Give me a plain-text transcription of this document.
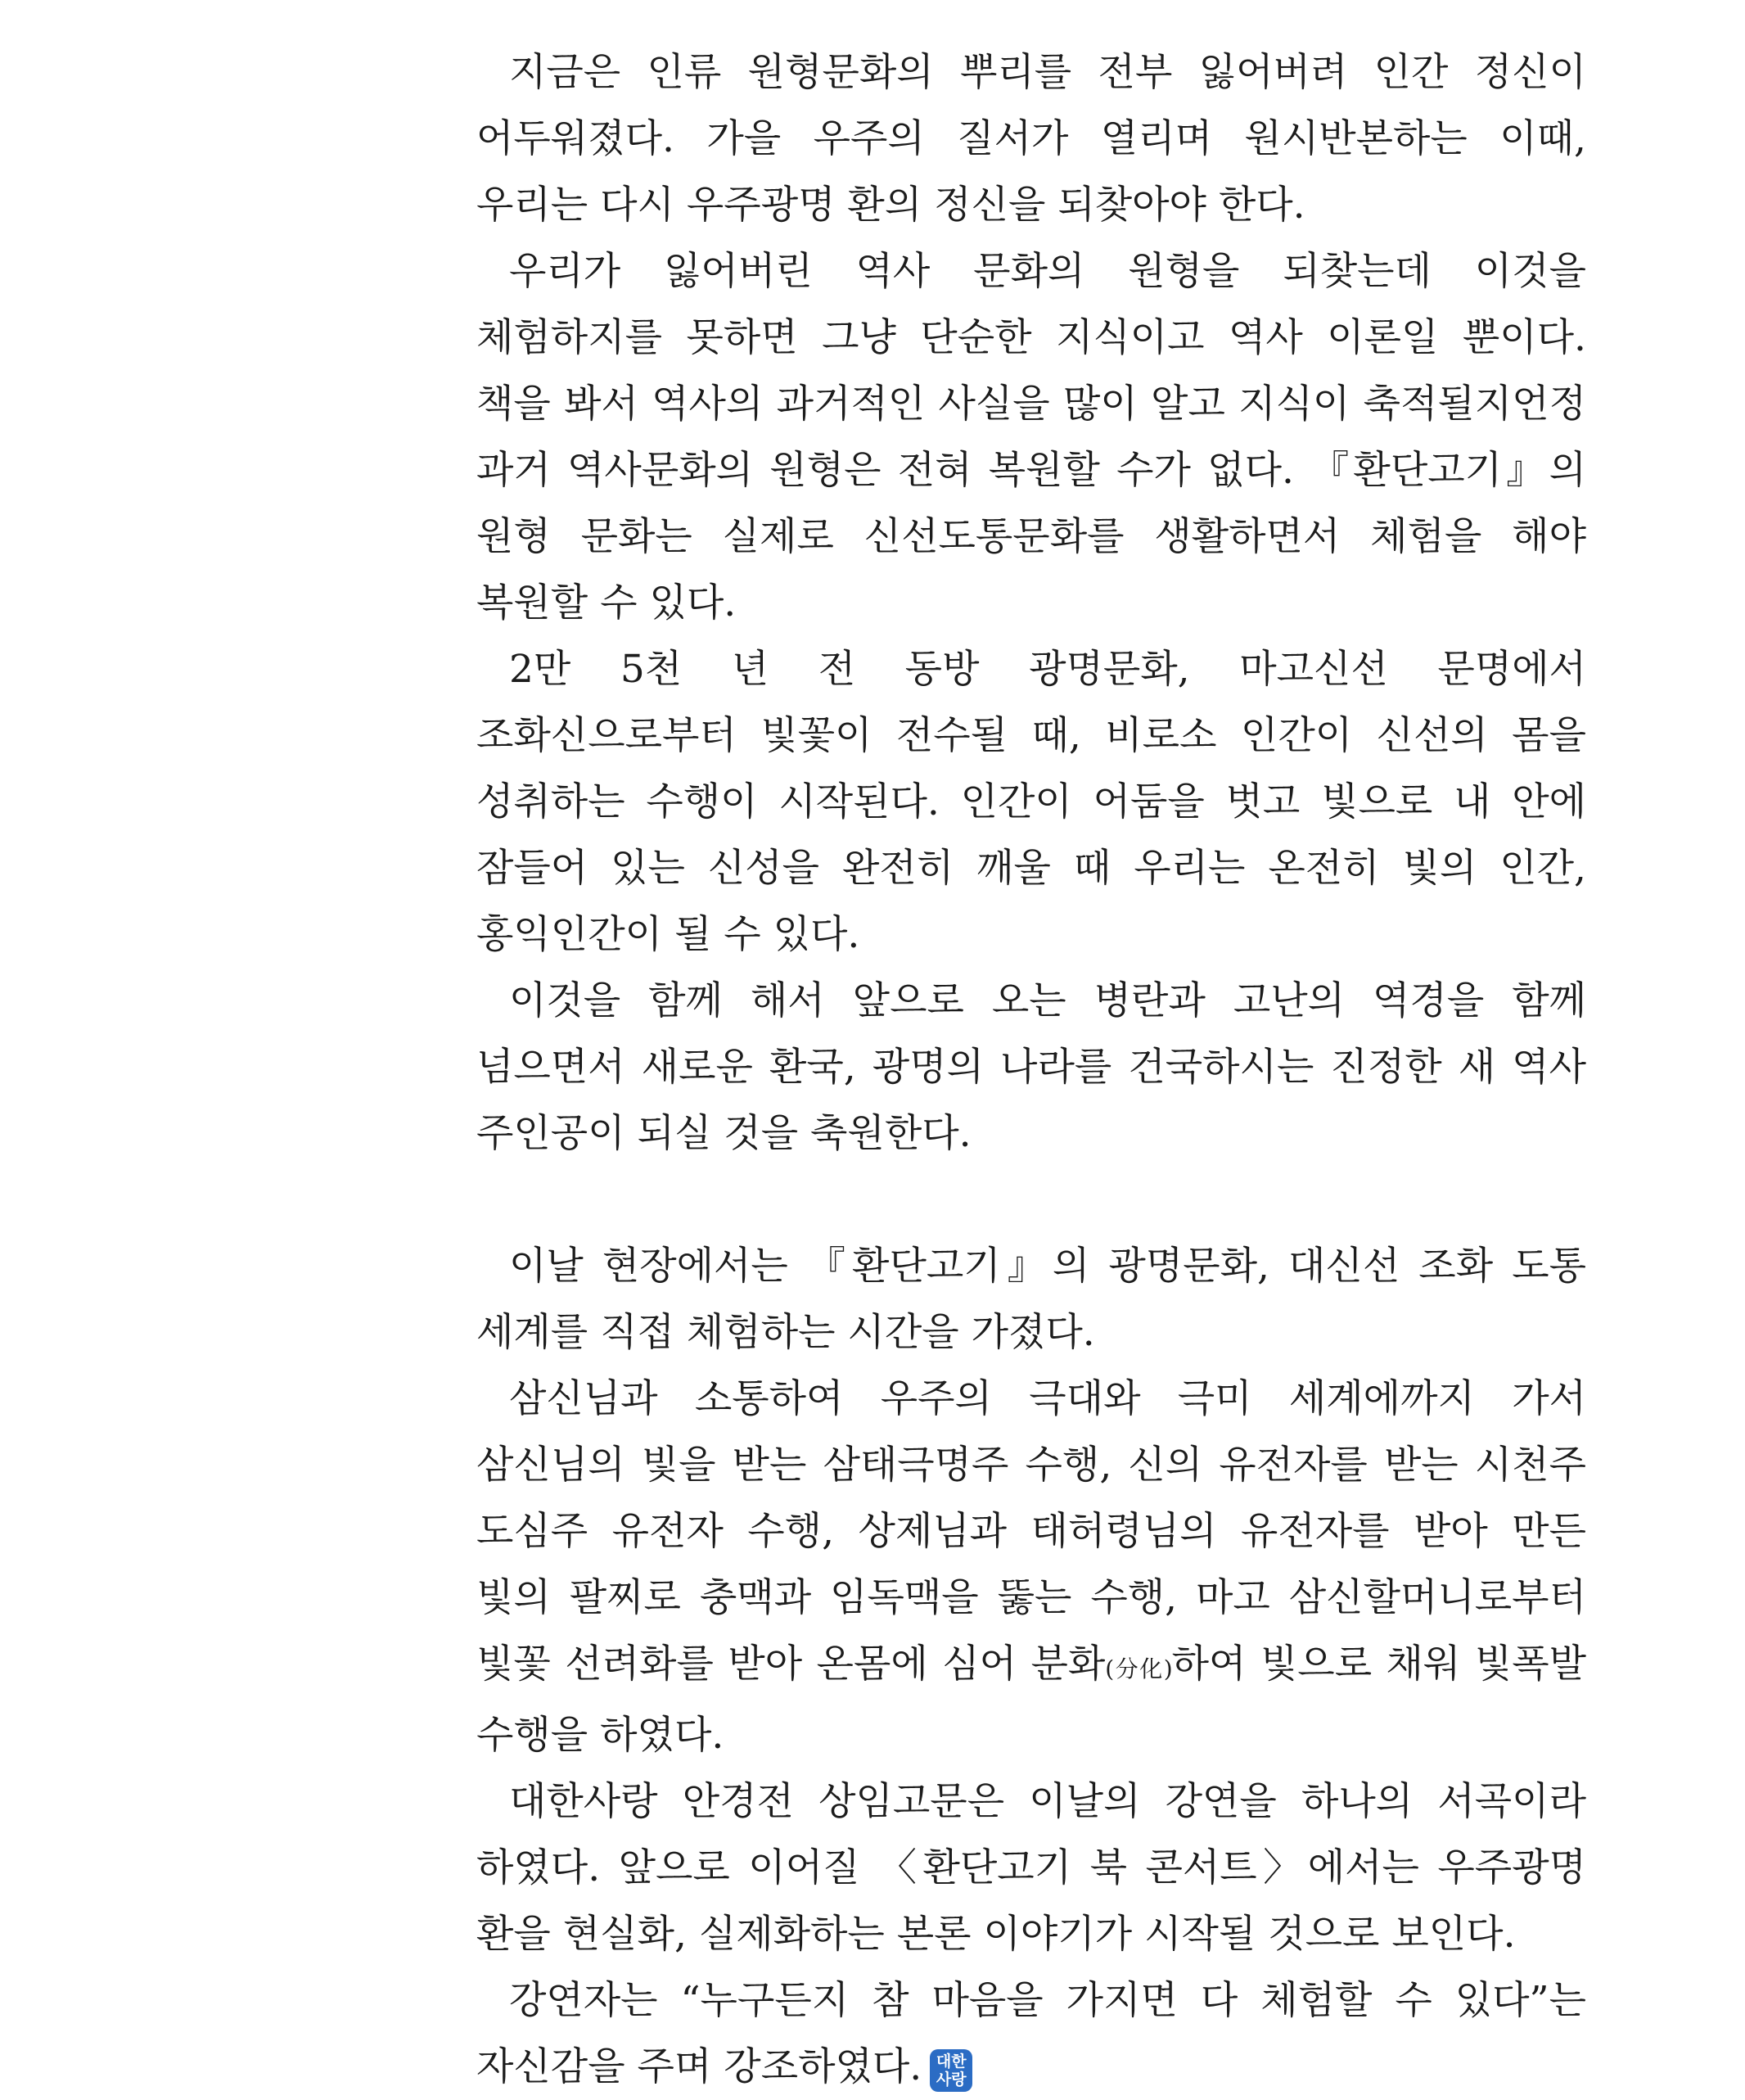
지금은 인류 원형문화의 뿌리를 전부 잃어버려 인간 정신이 어두워졌다. 가을 우주의 질서가 열리며 원시반본하는 이때, 우리는 다시 우주광명 환의 정신을 되찾아야 한다.

우리가 잃어버린 역사 문화의 원형을 되찾는데 이것을 체험하지를 못하면 그냥 단순한 지식이고 역사 이론일 뿐이다. 책을 봐서 역사의 과거적인 사실을 많이 알고 지식이 축적될지언정 과거 역사문화의 원형은 전혀 복원할 수가 없다. 『환단고기』의 원형 문화는 실제로 신선도통문화를 생활하면서 체험을 해야 복원할 수 있다.

2만 5천 년 전 동방 광명문화, 마고신선 문명에서 조화신으로부터 빛꽃이 전수될 때, 비로소 인간이 신선의 몸을 성취하는 수행이 시작된다. 인간이 어둠을 벗고 빛으로 내 안에 잠들어 있는 신성을 완전히 깨울 때 우리는 온전히 빛의 인간, 홍익인간이 될 수 있다.

이것을 함께 해서 앞으로 오는 병란과 고난의 역경을 함께 넘으면서 새로운 환국, 광명의 나라를 건국하시는 진정한 새 역사 주인공이 되실 것을 축원한다.

이날 현장에서는 『환단고기』의 광명문화, 대신선 조화 도통 세계를 직접 체험하는 시간을 가졌다.

삼신님과 소통하여 우주의 극대와 극미 세계에까지 가서 삼신님의 빛을 받는 삼태극명주 수행, 신의 유전자를 받는 시천주 도심주 유전자 수행, 상제님과 태허령님의 유전자를 받아 만든 빛의 팔찌로 충맥과 임독맥을 뚫는 수행, 마고 삼신할머니로부터 빛꽃 선려화를 받아 온몸에 심어 분화(分化)하여 빛으로 채워 빛폭발 수행을 하였다.

대한사랑 안경전 상임고문은 이날의 강연을 하나의 서곡이라 하였다. 앞으로 이어질 〈환단고기 북 콘서트〉에서는 우주광명 환을 현실화, 실제화하는 본론 이야기가 시작될 것으로 보인다.

강연자는 “누구든지 참 마음을 가지면 다 체험할 수 있다”는 자신감을 주며 강조하였다. 대한
사랑
